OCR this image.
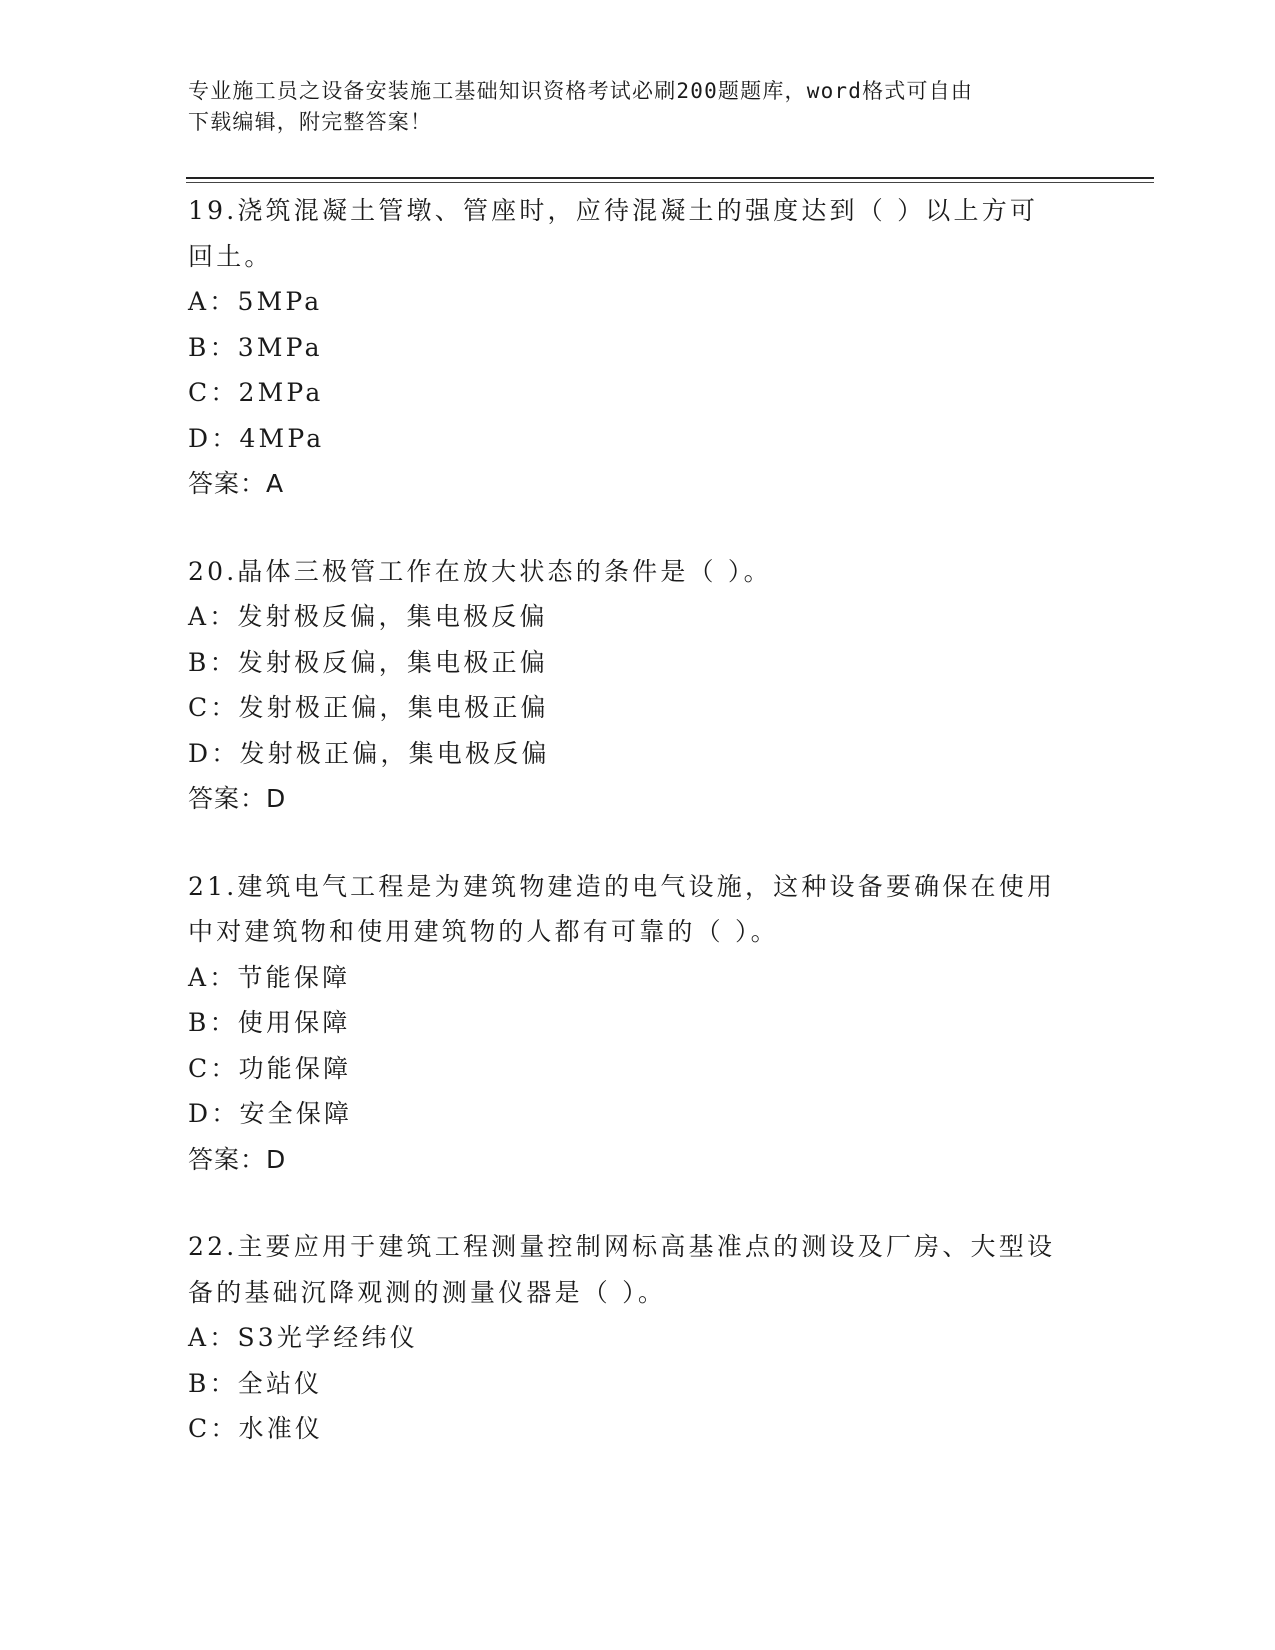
专业施工员之设备安装施工基础知识资格考试必刷200题题库，word格式可自由
下载编辑，附完整答案！

19.浇筑混凝土管墩、管座时，应待混凝土的强度达到（ ）以上方可

回土。

A：5MPa

B：3MPa

C：2MPa

D：4MPa

答案：A

20.晶体三极管工作在放大状态的条件是（ ）。

A：发射极反偏，集电极反偏

B：发射极反偏，集电极正偏

C：发射极正偏，集电极正偏

D：发射极正偏，集电极反偏

答案：D

21.建筑电气工程是为建筑物建造的电气设施，这种设备要确保在使用

中对建筑物和使用建筑物的人都有可靠的（ ）。

A：节能保障

B：使用保障

C：功能保障

D：安全保障

答案：D

22.主要应用于建筑工程测量控制网标高基准点的测设及厂房、大型设

备的基础沉降观测的测量仪器是（ ）。

A：S3光学经纬仪

B：全站仪

C：水准仪
